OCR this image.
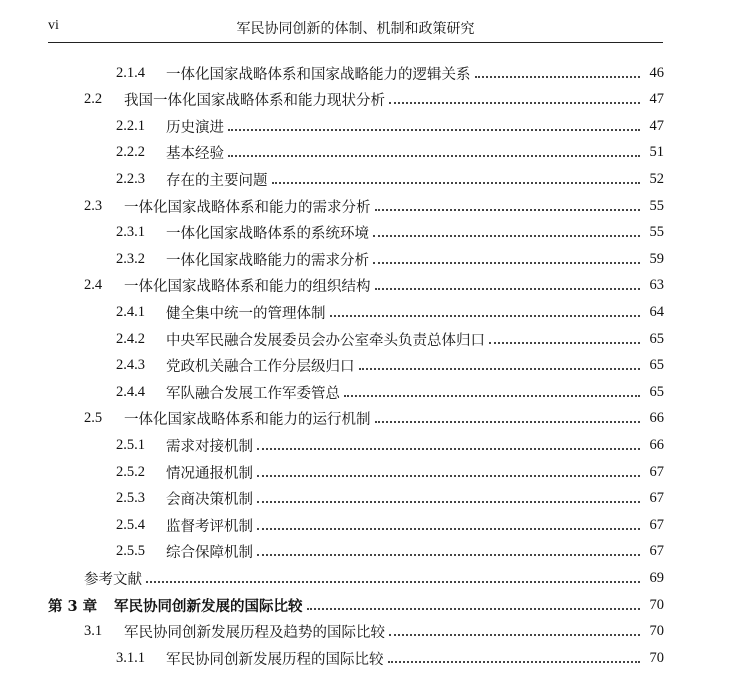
vi	军民协同创新的体制、机制和政策研究
2.1.4	一体化国家战略体系和国家战略能力的逻辑关系	46
2.2	我国一体化国家战略体系和能力现状分析	47
2.2.1	历史演进	47
2.2.2	基本经验	51
2.2.3	存在的主要问题	52
2.3	一体化国家战略体系和能力的需求分析	55
2.3.1	一体化国家战略体系的系统环境	55
2.3.2	一体化国家战略能力的需求分析	59
2.4	一体化国家战略体系和能力的组织结构	63
2.4.1	健全集中统一的管理体制	64
2.4.2	中央军民融合发展委员会办公室牵头负责总体归口	65
2.4.3	党政机关融合工作分层级归口	65
2.4.4	军队融合发展工作军委管总	65
2.5	一体化国家战略体系和能力的运行机制	66
2.5.1	需求对接机制	66
2.5.2	情况通报机制	67
2.5.3	会商决策机制	67
2.5.4	监督考评机制	67
2.5.5	综合保障机制	67
参考文献	69
第 3 章	军民协同创新发展的国际比较	70
3.1	军民协同创新发展历程及趋势的国际比较	70
3.1.1	军民协同创新发展历程的国际比较	70
